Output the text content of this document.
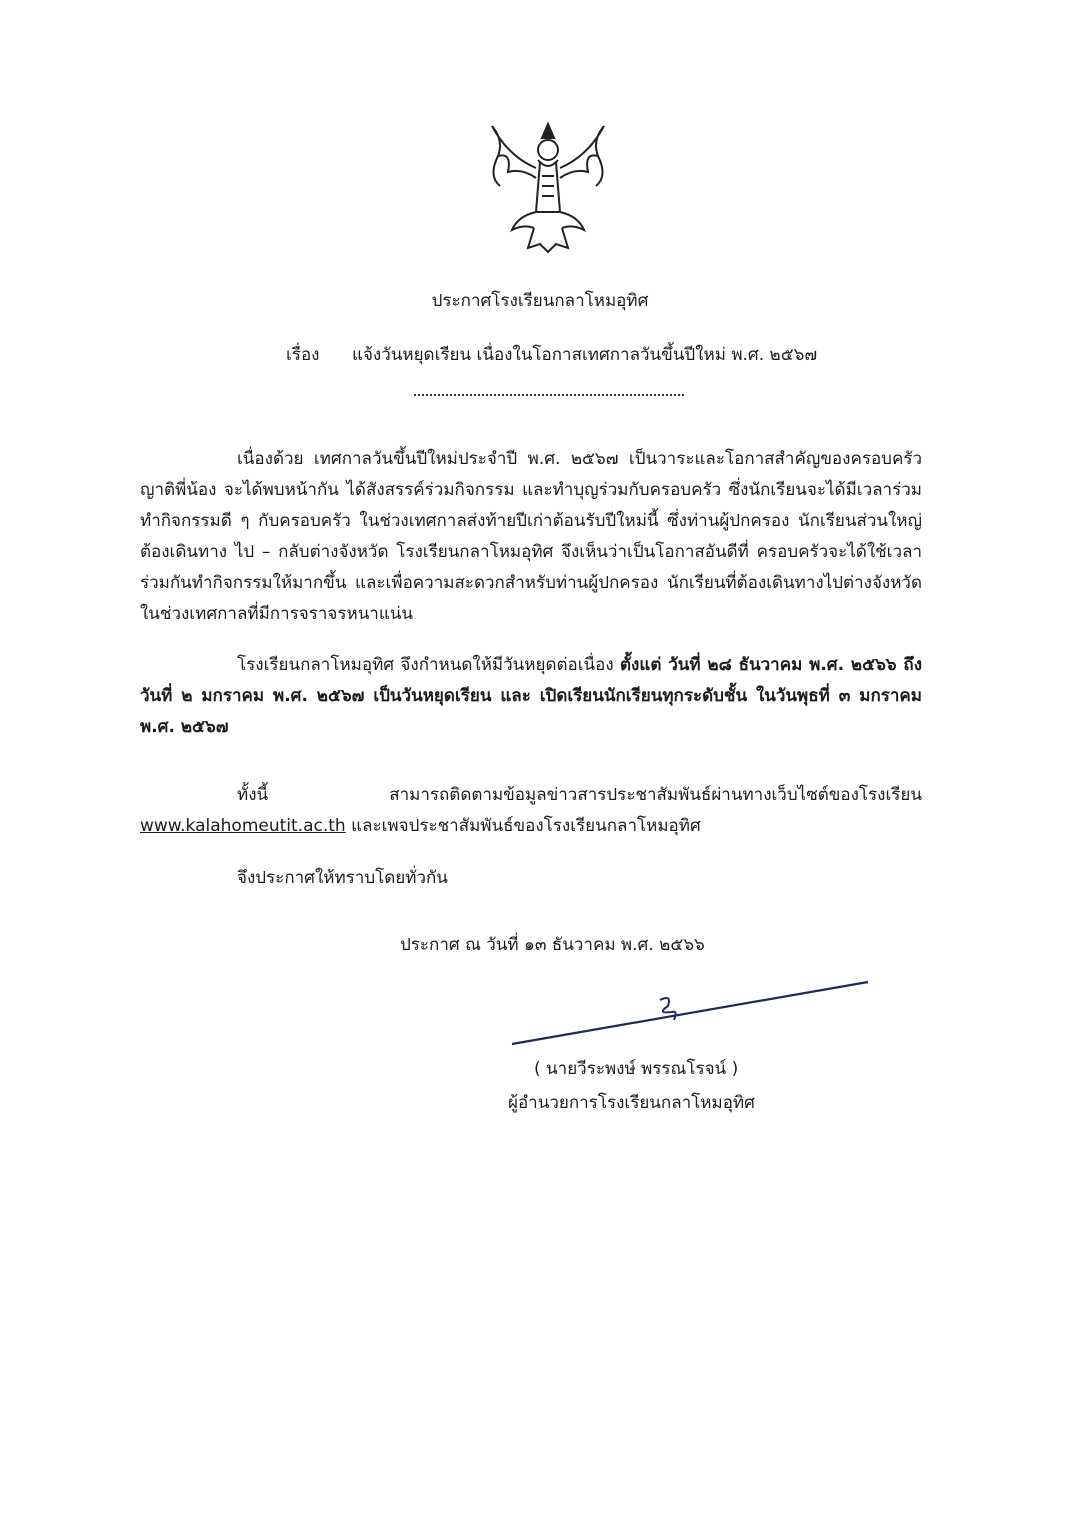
ประกาศโรงเรียนกลาโหมอุทิศ
เรื่อง แจ้งวันหยุดเรียน เนื่องในโอกาสเทศกาลวันขึ้นปีใหม่ พ.ศ. ๒๕๖๗
เนื่องด้วย เทศกาลวันขึ้นปีใหม่ประจำปี พ.ศ. ๒๕๖๗ เป็นวาระและโอกาสสำคัญของครอบครัว ญาติพี่น้อง จะได้พบหน้ากัน ได้สังสรรค์ร่วมกิจกรรม และทำบุญร่วมกับครอบครัว ซึ่งนักเรียนจะได้มีเวลาร่วมทำกิจกรรมดี ๆ กับครอบครัว ในช่วงเทศกาลส่งท้ายปีเก่าต้อนรับปีใหม่นี้ ซึ่งท่านผู้ปกครอง นักเรียนส่วนใหญ่ต้องเดินทาง ไป – กลับต่างจังหวัด โรงเรียนกลาโหมอุทิศ จึงเห็นว่าเป็นโอกาสอันดีที่ ครอบครัวจะได้ใช้เวลาร่วมกันทำกิจกรรมให้มากขึ้น และเพื่อความสะดวกสำหรับท่านผู้ปกครอง นักเรียนที่ต้องเดินทางไปต่างจังหวัดในช่วงเทศกาลที่มีการจราจรหนาแน่น
โรงเรียนกลาโหมอุทิศ จึงกำหนดให้มีวันหยุดต่อเนื่อง ตั้งแต่ วันที่ ๒๘ ธันวาคม พ.ศ. ๒๕๖๖ ถึง วันที่ ๒ มกราคม พ.ศ. ๒๕๖๗ เป็นวันหยุดเรียน และ เปิดเรียนนักเรียนทุกระดับชั้น ในวันพุธที่ ๓ มกราคม พ.ศ. ๒๕๖๗
ทั้งนี้ สามารถติดตามข้อมูลข่าวสารประชาสัมพันธ์ผ่านทางเว็บไซต์ของโรงเรียน www.kalahomeutit.ac.th และเพจประชาสัมพันธ์ของโรงเรียนกลาโหมอุทิศ
จึงประกาศให้ทราบโดยทั่วกัน
ประกาศ ณ วันที่ ๑๓ ธันวาคม พ.ศ. ๒๕๖๖
( นายวีระพงษ์ พรรณโรจน์ )
ผู้อำนวยการโรงเรียนกลาโหมอุทิศ
